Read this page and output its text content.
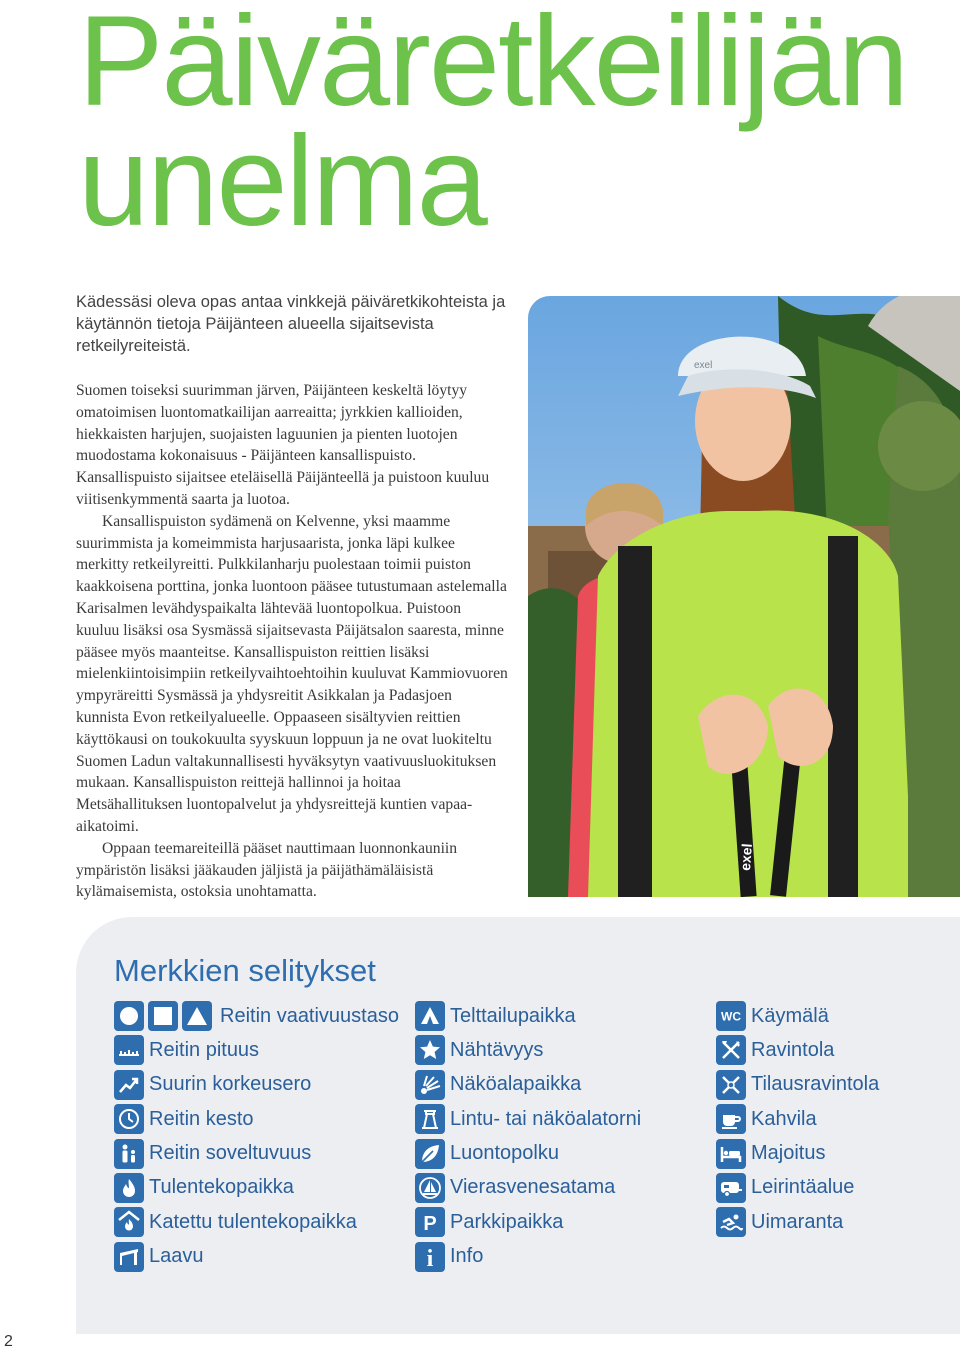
Päiväretkeilijän
unelma
Kädessäsi oleva opas antaa vinkkejä päiväretkikohteista ja käytännön tietoja Päijänteen alueella sijaitsevista retkeilyreiteistä.

Suomen toiseksi suurimman järven, Päijänteen keskeltä löytyy omatoimisen luontomatkailijan aarreaitta; jyrkkien kallioiden, hiekkaisten harjujen, suojaisten laguunien ja pienten luotojen muodostama kokonaisuus - Päijänteen kansallispuisto. Kansallispuisto sijaitsee eteläisellä Päijänteellä ja puistoon kuuluu viitisenkymmentä saarta ja luotoa.

Kansallispuiston sydämenä on Kelvenne, yksi maamme suurimmista ja komeimmista harjusaarista, jonka läpi kulkee merkitty retkeilyreitti. Pulkkilanharju puolestaan toimii puiston kaakkoisena porttina, jonka luontoon pääsee tutustumaan astelemalla Karisalmen levähdyspaikalta lähtevää luontopolkua. Puistoon kuuluu lisäksi osa Sysmässä sijaitsevasta Päijätsalon saaresta, minne pääsee myös maanteitse. Kansallispuiston reittien lisäksi mielenkiintoisimpiin retkeilyvaihtoehtoihin kuuluvat Kammiovuoren ympyräreitti Sysmässä ja yhdysreitit Asikkalan ja Padasjoen kunnista Evon retkeilyalueelle. Oppaaseen sisältyvien reittien käyttökausi on toukokuulta syyskuun loppuun ja ne ovat luokiteltu Suomen Ladun valtakunnallisesti hyväksytyn vaativuusluokituksen mukaan. Kansallispuiston reittejä hallinnoi ja hoitaa Metsähallituksen luontopalvelut ja yhdysreittejä kuntien vapaa-aikatoimi.

Oppaan teemareiteillä pääset nauttimaan luonnonkauniin ympäristön lisäksi jääkauden jäljistä ja päijäthämäläisistä kylämaisemista, ostoksia unohtamatta.

exel
exel
Merkkien selitykset
Reitin vaativuustaso
Reitin pituus
Suurin korkeusero
Reitin kesto
Reitin soveltuvuus
Tulentekopaikka
Katettu tulentekopaikka
Laavu
Telttailupaikka
Nähtävyys
Näköalapaikka
Lintu- tai näköalatorni
Luontopolku
Vierasvenesatama
P Parkkipaikka
i Info
WC Käymälä
Ravintola
Tilausravintola
Kahvila
Majoitus
Leirintäalue
Uimaranta
2
